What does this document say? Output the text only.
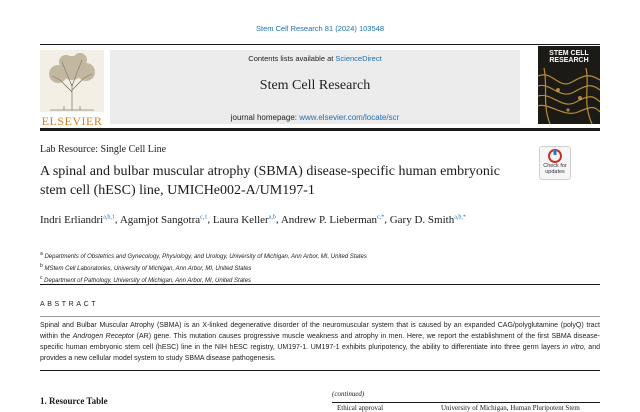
Stem Cell Research 81 (2024) 103548
ELSEVIER
Contents lists available at ScienceDirect
Stem Cell Research
journal homepage: www.elsevier.com/locate/scr
STEM CELL
RESEARCH
Lab Resource: Single Cell Line
A spinal and bulbar muscular atrophy (SBMA) disease-specific human embryonic stem cell (hESC) line, UMICHe002-A/UM197-1
Check for
updates
Indri Erliandri$^{a,b,1}$, Agamjot Sangotra$^{c,1}$, Laura Keller$^{a,b}$, Andrew P. Lieberman$^{c,*}$, Gary D. Smith$^{a,b,*}$
$^a$ Departments of Obstetrics and Gynecology, Physiology, and Urology, University of Michigan, Ann Arbor, MI, United States
$^b$ MStem Cell Laboratories, University of Michigan, Ann Arbor, MI, United States
$^c$ Department of Pathology, University of Michigan, Ann Arbor, MI, United States
ABSTRACT
Spinal and Bulbar Muscular Atrophy (SBMA) is an X-linked degenerative disorder of the neuromuscular system that is caused by an expanded CAG/polyglutamine (polyQ) tract within the Androgen Receptor (AR) gene. This mutation causes progressive muscle weakness and atrophy in men. Here, we report the establishment of the first SBMA disease-specific human embryonic stem cell (hESC) line in the NIH hESC registry, UM197-1. UM197-1 exhibits pluripotency, the ability to differentiate into three germ layers in vitro, and provides a new cellular model system to study SBMA disease pathogenesis.
1. Resource Table
(continued)
Ethical approval	University of Michigan, Human Pluripotent Stem
